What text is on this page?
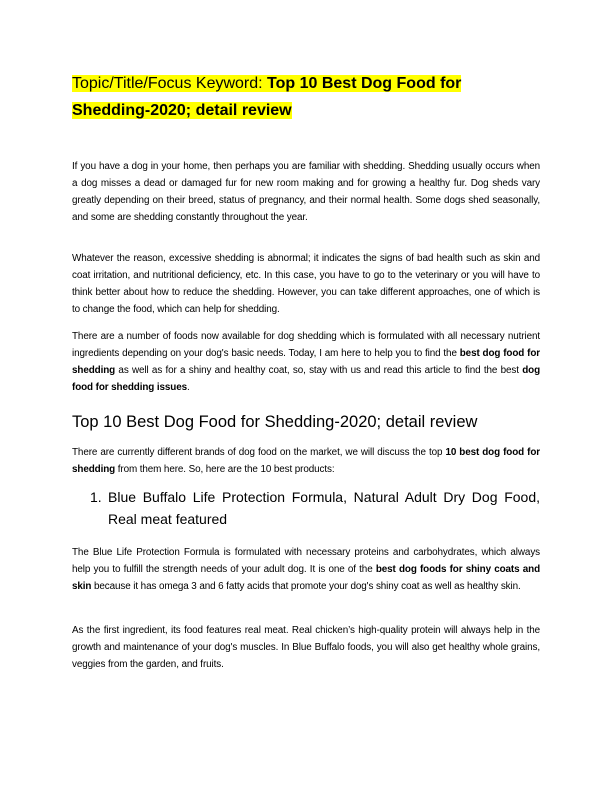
Topic/Title/Focus Keyword: Top 10 Best Dog Food for Shedding-2020; detail review

If you have a dog in your home, then perhaps you are familiar with shedding. Shedding usually occurs when a dog misses a dead or damaged fur for new room making and for growing a healthy fur. Dog sheds vary greatly depending on their breed, status of pregnancy, and their normal health. Some dogs shed seasonally, and some are shedding constantly throughout the year.

Whatever the reason, excessive shedding is abnormal; it indicates the signs of bad health such as skin and coat irritation, and nutritional deficiency, etc. In this case, you have to go to the veterinary or you will have to think better about how to reduce the shedding. However, you can take different approaches, one of which is to change the food, which can help for shedding.

There are a number of foods now available for dog shedding which is formulated with all necessary nutrient ingredients depending on your dog's basic needs. Today, I am here to help you to find the best dog food for shedding as well as for a shiny and healthy coat, so, stay with us and read this article to find the best dog food for shedding issues.

Top 10 Best Dog Food for Shedding-2020; detail review

There are currently different brands of dog food on the market, we will discuss the top 10 best dog food for shedding from them here. So, here are the 10 best products:

1. Blue Buffalo Life Protection Formula, Natural Adult Dry Dog Food, Real meat featured

The Blue Life Protection Formula is formulated with necessary proteins and carbohydrates, which always help you to fulfill the strength needs of your adult dog. It is one of the best dog foods for shiny coats and skin because it has omega 3 and 6 fatty acids that promote your dog's shiny coat as well as healthy skin.

As the first ingredient, its food features real meat. Real chicken’s high-quality protein will always help in the growth and maintenance of your dog's muscles. In Blue Buffalo foods, you will also get healthy whole grains, veggies from the garden, and fruits.
